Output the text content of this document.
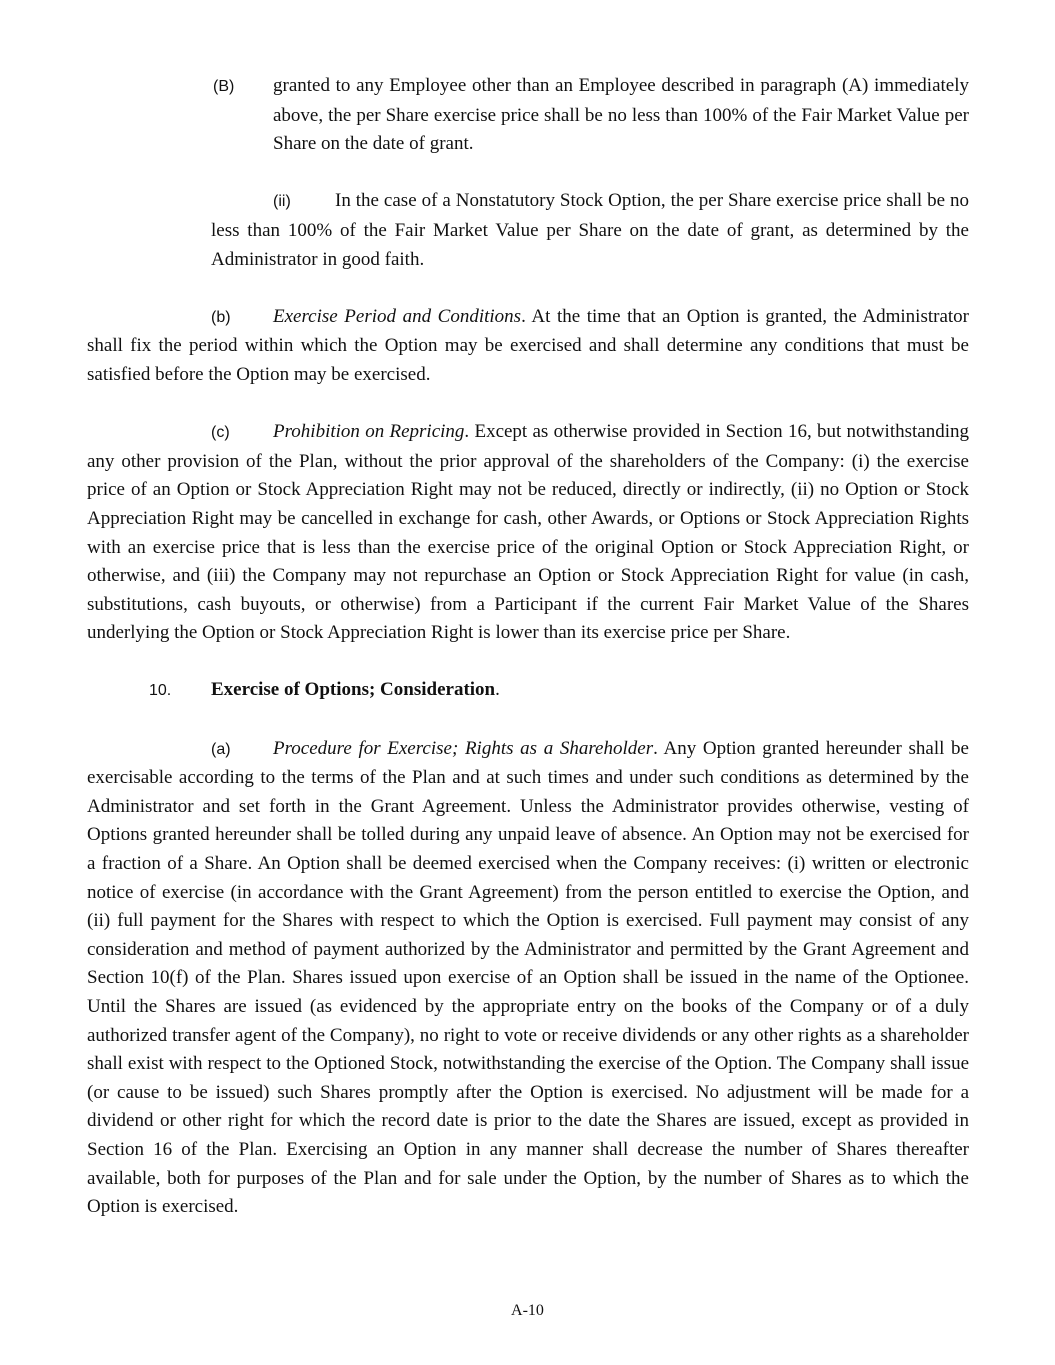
(B) granted to any Employee other than an Employee described in paragraph (A) immediately above, the per Share exercise price shall be no less than 100% of the Fair Market Value per Share on the date of grant.

(ii) In the case of a Nonstatutory Stock Option, the per Share exercise price shall be no less than 100% of the Fair Market Value per Share on the date of grant, as determined by the Administrator in good faith.

(b) Exercise Period and Conditions. At the time that an Option is granted, the Administrator shall fix the period within which the Option may be exercised and shall determine any conditions that must be satisfied before the Option may be exercised.

(c) Prohibition on Repricing. Except as otherwise provided in Section 16, but notwithstanding any other provision of the Plan, without the prior approval of the shareholders of the Company: (i) the exercise price of an Option or Stock Appreciation Right may not be reduced, directly or indirectly, (ii) no Option or Stock Appreciation Right may be cancelled in exchange for cash, other Awards, or Options or Stock Appreciation Rights with an exercise price that is less than the exercise price of the original Option or Stock Appreciation Right, or otherwise, and (iii) the Company may not repurchase an Option or Stock Appreciation Right for value (in cash, substitutions, cash buyouts, or otherwise) from a Participant if the current Fair Market Value of the Shares underlying the Option or Stock Appreciation Right is lower than its exercise price per Share.

10. Exercise of Options; Consideration.

(a) Procedure for Exercise; Rights as a Shareholder. Any Option granted hereunder shall be exercisable according to the terms of the Plan and at such times and under such conditions as determined by the Administrator and set forth in the Grant Agreement. Unless the Administrator provides otherwise, vesting of Options granted hereunder shall be tolled during any unpaid leave of absence. An Option may not be exercised for a fraction of a Share. An Option shall be deemed exercised when the Company receives: (i) written or electronic notice of exercise (in accordance with the Grant Agreement) from the person entitled to exercise the Option, and (ii) full payment for the Shares with respect to which the Option is exercised. Full payment may consist of any consideration and method of payment authorized by the Administrator and permitted by the Grant Agreement and Section 10(f) of the Plan. Shares issued upon exercise of an Option shall be issued in the name of the Optionee. Until the Shares are issued (as evidenced by the appropriate entry on the books of the Company or of a duly authorized transfer agent of the Company), no right to vote or receive dividends or any other rights as a shareholder shall exist with respect to the Optioned Stock, notwithstanding the exercise of the Option. The Company shall issue (or cause to be issued) such Shares promptly after the Option is exercised. No adjustment will be made for a dividend or other right for which the record date is prior to the date the Shares are issued, except as provided in Section 16 of the Plan. Exercising an Option in any manner shall decrease the number of Shares thereafter available, both for purposes of the Plan and for sale under the Option, by the number of Shares as to which the Option is exercised.

A-10
